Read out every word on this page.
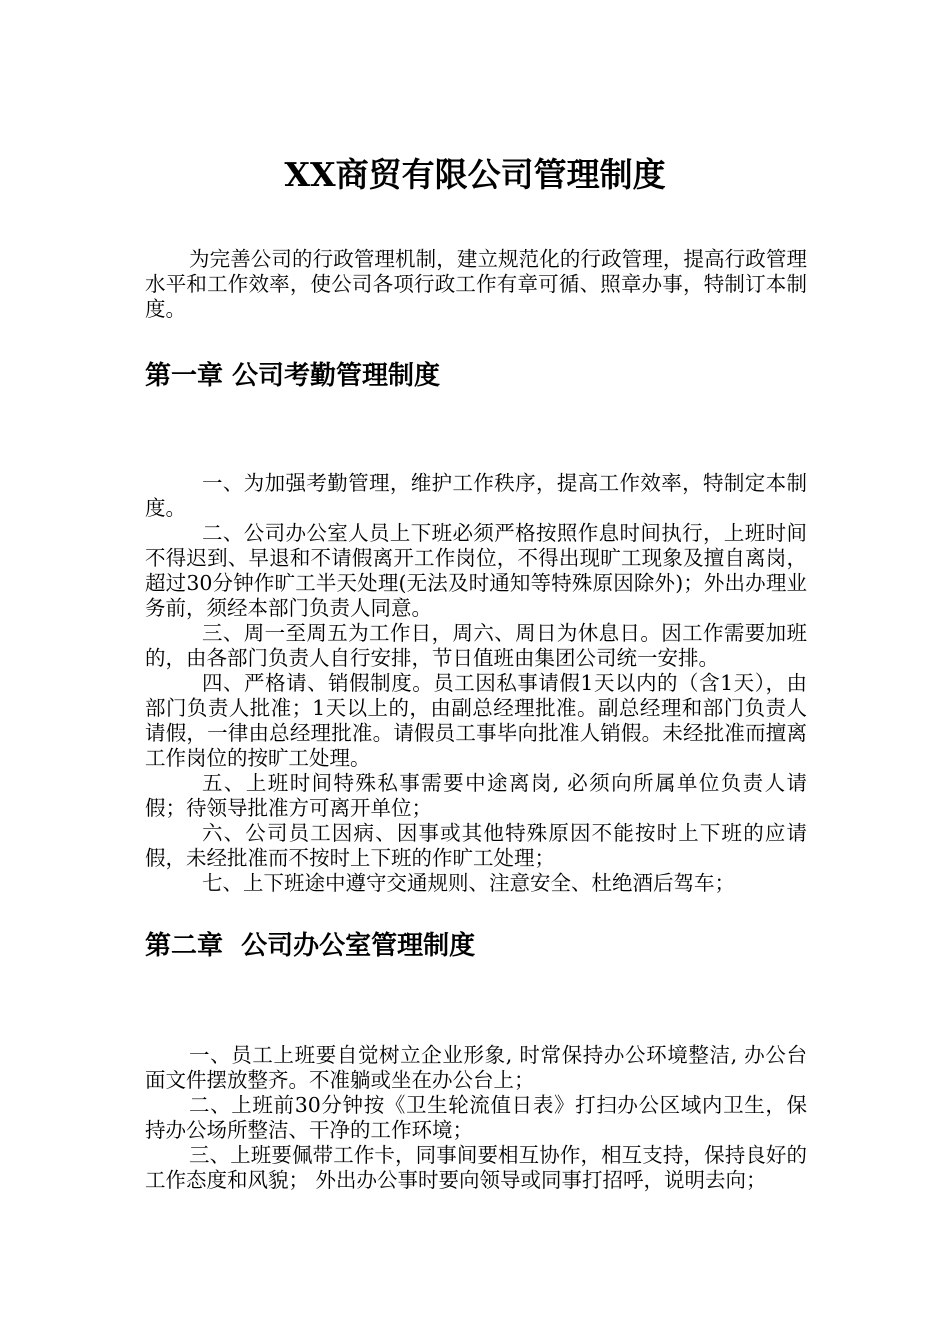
XX商贸有限公司管理制度

为完善公司的行政管理机制，建立规范化的行政管理，提高行政管理水平和工作效率，使公司各项行政工作有章可循、照章办事，特制订本制度。

第一章 公司考勤管理制度

一、为加强考勤管理，维护工作秩序，提高工作效率，特制定本制度。

二、公司办公室人员上下班必须严格按照作息时间执行，上班时间不得迟到、早退和不请假离开工作岗位，不得出现旷工现象及擅自离岗，超过30分钟作旷工半天处理(无法及时通知等特殊原因除外)；外出办理业务前，须经本部门负责人同意。

三、周一至周五为工作日，周六、周日为休息日。因工作需要加班的，由各部门负责人自行安排，节日值班由集团公司统一安排。

四、严格请、销假制度。员工因私事请假1天以内的（含1天），由部门负责人批准；1天以上的，由副总经理批准。副总经理和部门负责人请假，一律由总经理批准。请假员工事毕向批准人销假。未经批准而擅离工作岗位的按旷工处理。

五、上班时间特殊私事需要中途离岗, 必须向所属单位负责人请假；待领导批准方可离开单位；

六、公司员工因病、因事或其他特殊原因不能按时上下班的应请假，未经批准而不按时上下班的作旷工处理；

七、上下班途中遵守交通规则、注意安全、杜绝酒后驾车；

第二章  公司办公室管理制度

一、员工上班要自觉树立企业形象, 时常保持办公环境整洁, 办公台面文件摆放整齐。不准躺或坐在办公台上；

二、上班前30分钟按《卫生轮流值日表》打扫办公区域内卫生，保持办公场所整洁、干净的工作环境；

三、上班要佩带工作卡，同事间要相互协作，相互支持，保持良好的工作态度和风貌； 外出办公事时要向领导或同事打招呼，说明去向；
